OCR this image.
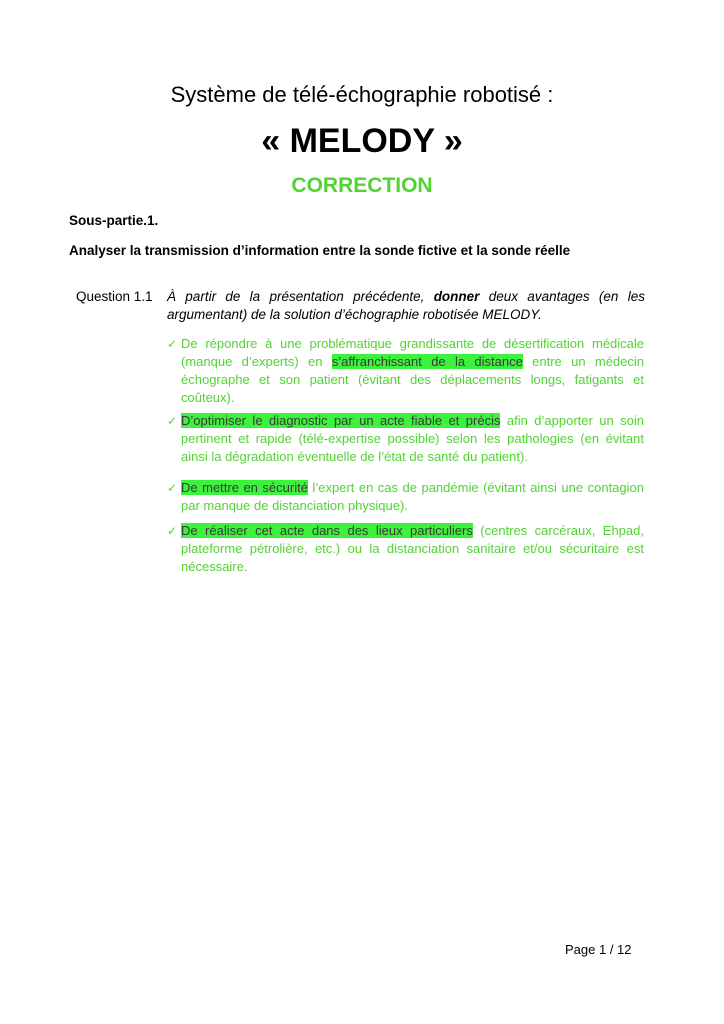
Système de télé-échographie robotisé :
« MELODY »
CORRECTION
Sous-partie.1.
Analyser la transmission d’information entre la sonde fictive et la sonde réelle
Question 1.1 À partir de la présentation précédente, donner deux avantages (en les argumentant) de la solution d’échographie robotisée MELODY.

✓ De répondre à une problématique grandissante de désertification médicale (manque d’experts) en s’affranchissant de la distance entre un médecin échographe et son patient (évitant des déplacements longs, fatigants et coûteux).

✓ D’optimiser le diagnostic par un acte fiable et précis afin d’apporter un soin pertinent et rapide (télé-expertise possible) selon les pathologies (en évitant ainsi la dégradation éventuelle de l’état de santé du patient).

✓ De mettre en sécurité l’expert en cas de pandémie (évitant ainsi une contagion par manque de distanciation physique).

✓ De réaliser cet acte dans des lieux particuliers (centres carcéraux, Ehpad, plateforme pétrolière, etc.) ou la distanciation sanitaire et/ou sécuritaire est nécessaire.

Page 1 / 12
